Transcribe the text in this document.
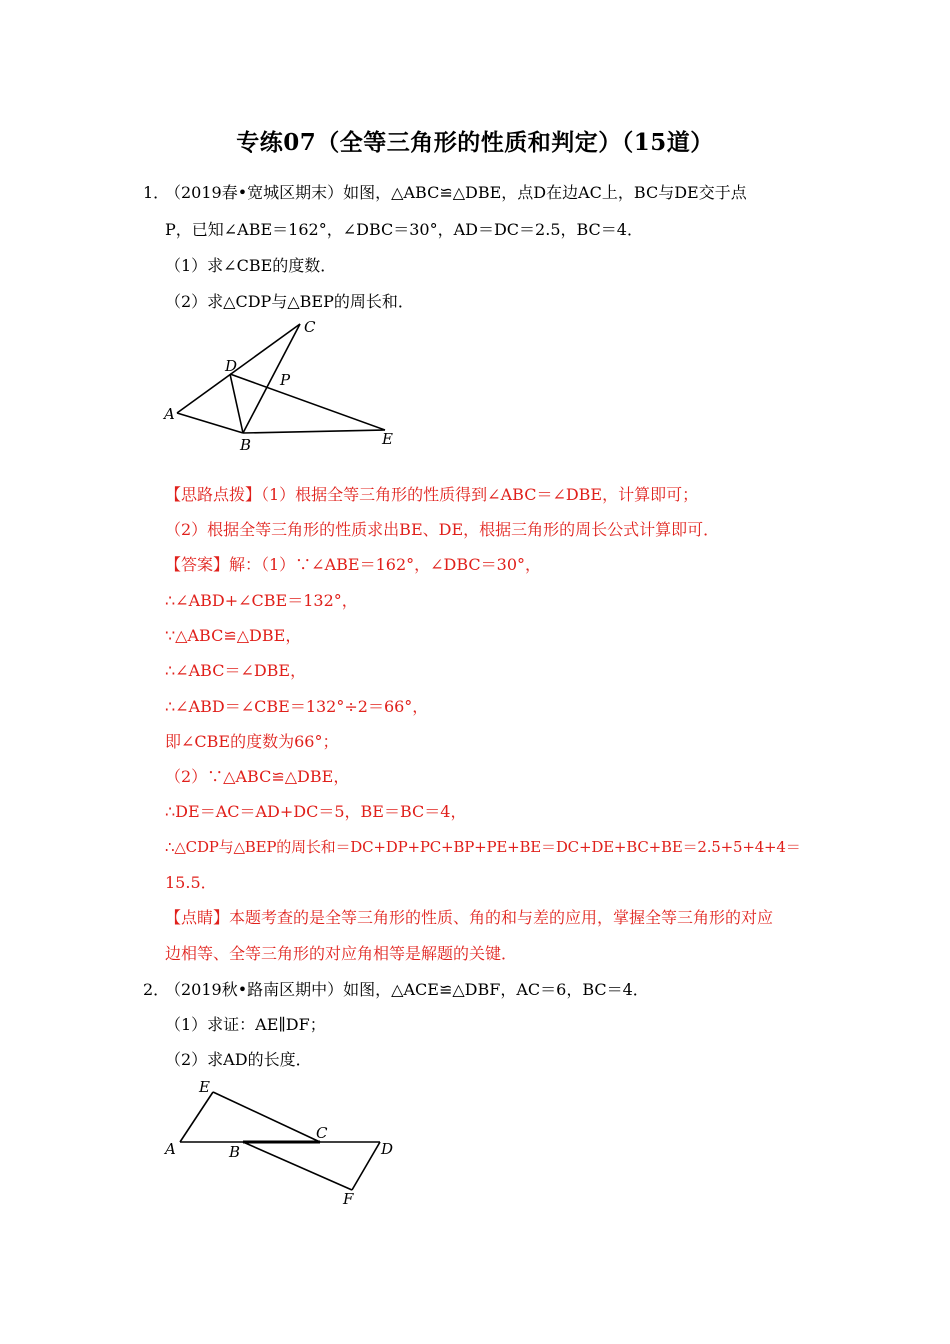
专练07（全等三角形的性质和判定）（15道）
1．
（2019春•宽城区期末）如图，△ABC≌△DBE，点D在边AC上，BC与DE交于点
P，已知∠ABE＝162°，∠DBC＝30°，AD＝DC＝2.5，BC＝4．
（1）求∠CBE的度数．
（2）求△CDP与△BEP的周长和．
A
B
C
D
E
P
【思路点拨】（1）根据全等三角形的性质得到∠ABC＝∠DBE，计算即可；
（2）根据全等三角形的性质求出BE、DE，根据三角形的周长公式计算即可．
【答案】解：（1）∵∠ABE＝162°，∠DBC＝30°，
∴∠ABD+∠CBE＝132°，
∵△ABC≌△DBE，
∴∠ABC＝∠DBE，
∴∠ABD＝∠CBE＝132°÷2＝66°，
即∠CBE的度数为66°；
（2）∵△ABC≌△DBE，
∴DE＝AC＝AD+DC＝5，BE＝BC＝4，
∴△CDP与△BEP的周长和＝DC+DP+PC+BP+PE+BE＝DC+DE+BC+BE＝2.5+5+4+4＝
15.5．
【点睛】本题考查的是全等三角形的性质、角的和与差的应用，掌握全等三角形的对应
边相等、全等三角形的对应角相等是解题的关键．
2．
（2019秋•路南区期中）如图，△ACE≌△DBF，AC＝6，BC＝4．
（1）求证：AE∥DF；
（2）求AD的长度．
A	B
C
D
E
F
